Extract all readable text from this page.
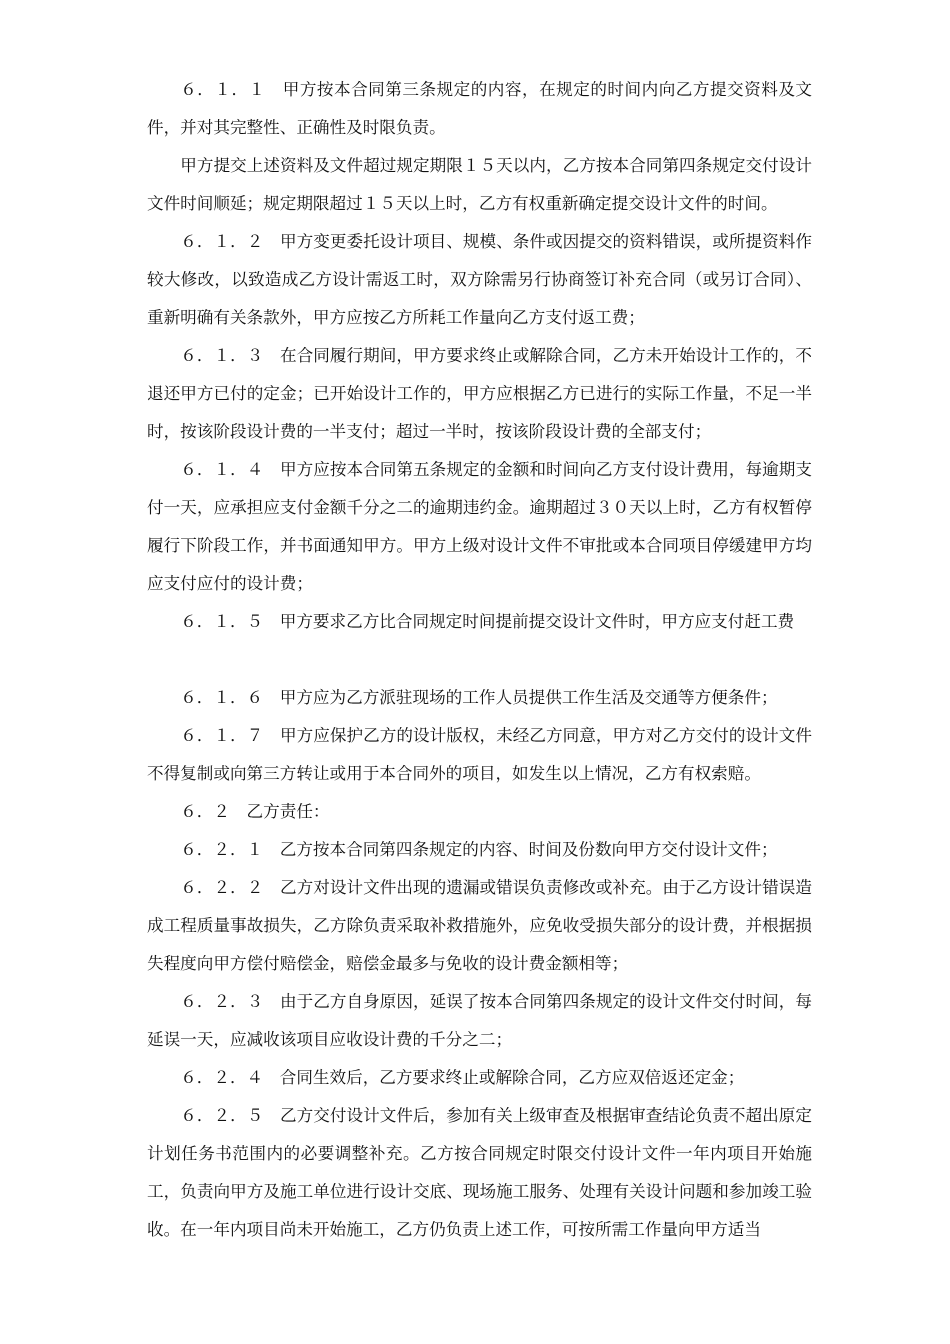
６．１．１　甲方按本合同第三条规定的内容，在规定的时间内向乙方提交资料及文件，并对其完整性、正确性及时限负责。

甲方提交上述资料及文件超过规定期限１５天以内，乙方按本合同第四条规定交付设计文件时间顺延；规定期限超过１５天以上时，乙方有权重新确定提交设计文件的时间。

６．１．２　甲方变更委托设计项目、规模、条件或因提交的资料错误，或所提资料作较大修改，以致造成乙方设计需返工时，双方除需另行协商签订补充合同（或另订合同）、重新明确有关条款外，甲方应按乙方所耗工作量向乙方支付返工费；

６．１．３　在合同履行期间，甲方要求终止或解除合同，乙方未开始设计工作的，不退还甲方已付的定金；已开始设计工作的，甲方应根据乙方已进行的实际工作量，不足一半时，按该阶段设计费的一半支付；超过一半时，按该阶段设计费的全部支付；

６．１．４　甲方应按本合同第五条规定的金额和时间向乙方支付设计费用，每逾期支付一天，应承担应支付金额千分之二的逾期违约金。逾期超过３０天以上时，乙方有权暂停履行下阶段工作，并书面通知甲方。甲方上级对设计文件不审批或本合同项目停缓建甲方均应支付应付的设计费；

６．１．５　甲方要求乙方比合同规定时间提前提交设计文件时，甲方应支付赶工费

６．１．６　甲方应为乙方派驻现场的工作人员提供工作生活及交通等方便条件；

６．１．７　甲方应保护乙方的设计版权，未经乙方同意，甲方对乙方交付的设计文件不得复制或向第三方转让或用于本合同外的项目，如发生以上情况，乙方有权索赔。

６．２　乙方责任：

６．２．１　乙方按本合同第四条规定的内容、时间及份数向甲方交付设计文件；

６．２．２　乙方对设计文件出现的遗漏或错误负责修改或补充。由于乙方设计错误造成工程质量事故损失，乙方除负责采取补救措施外，应免收受损失部分的设计费，并根据损失程度向甲方偿付赔偿金，赔偿金最多与免收的设计费金额相等；

６．２．３　由于乙方自身原因，延误了按本合同第四条规定的设计文件交付时间，每延误一天，应减收该项目应收设计费的千分之二；

６．２．４　合同生效后，乙方要求终止或解除合同，乙方应双倍返还定金；

６．２．５　乙方交付设计文件后，参加有关上级审查及根据审查结论负责不超出原定计划任务书范围内的必要调整补充。乙方按合同规定时限交付设计文件一年内项目开始施工，负责向甲方及施工单位进行设计交底、现场施工服务、处理有关设计问题和参加竣工验收。在一年内项目尚未开始施工，乙方仍负责上述工作，可按所需工作量向甲方适当
